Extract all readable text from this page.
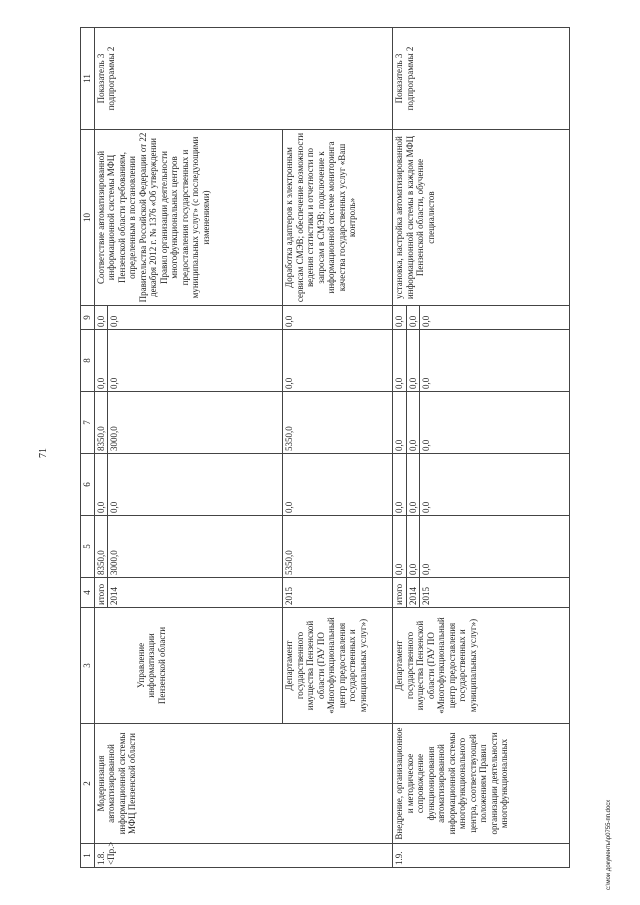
71
c:\мои документы\р0755-пп.docx
1	2	3	4	5	6	7	8	9	10	11

1.8. <Пр.>	Модернизация автоматизированной информационной системы МФЦ Пензенской области	Управление информатизации Пензенской области	итого	8350,0	0,0	8350,0	0,0	0,0	Соответствие автоматизированной информационной системы МФЦ Пензенской области требованиям, определенным в постановлении Правительства Российской Федерации от 22 декабря 2012 г. № 1376 «Об утверждении Правил организации деятельности многофункциональных центров предоставления государственных и муниципальных услуг» (с последующими изменениями)	Показатель 3 подпрограммы 2
			2014	3000,0	0,0	3000,0	0,0	0,0		
		Департамент государственного имущества Пензенской области (ГАУ ПО «Многофункциональный центр предоставления государственных и муниципальных услуг»)	2015	5350,0	0,0	5350,0	0,0	0,0	Доработка адаптеров к электронным сервисам СМЭВ; обеспечение возможности ведения статистики и отчетности по запросам в СМЭВ; подключение к информационной системе мониторинга качества государственных услуг «Ваш контроль»	
1.9.	Внедрение, организационное и методическое сопровождение функционирования автоматизированной информационной системы многофункционального центра, соответствующей положениям Правил организации деятельности многофункциональных	Департамент государственного имущества Пензенской области (ГАУ ПО «Многофункциональный центр предоставления государственных и муниципальных услуг»)	итого	0,0	0,0	0,0	0,0	0,0	установка, настройка автоматизированной информационной системы в каждом МФЦ Пензенской области, обучение специалистов	Показатель 3 подпрограммы 2
			2014	0,0	0,0	0,0	0,0	0,0		
			2015	0,0	0,0	0,0	0,0	0,0		
